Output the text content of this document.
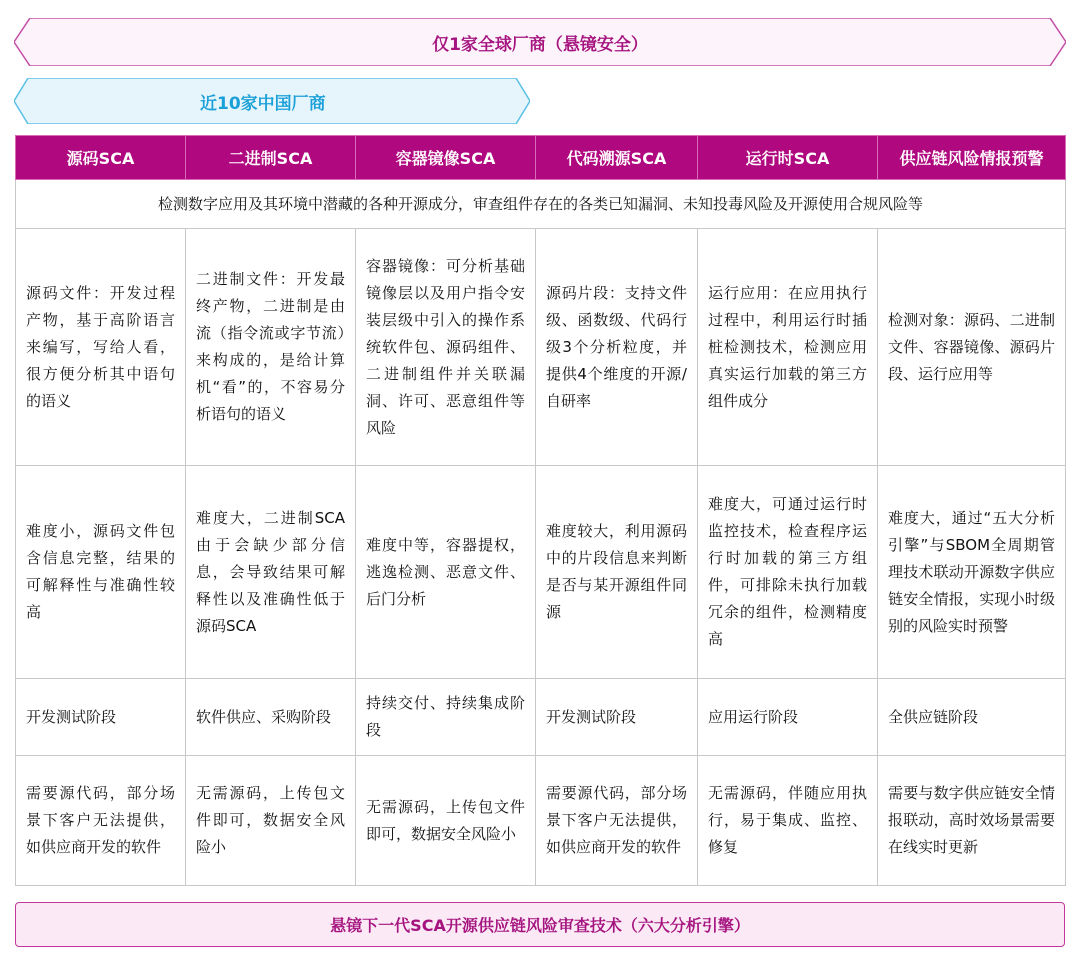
仅1家全球厂商（悬镜安全）
近10家中国厂商
源码SCA	二进制SCA	容器镜像SCA	代码溯源SCA	运行时SCA	供应链风险情报预警
检测数字应用及其环境中潜藏的各种开源成分，审查组件存在的各类已知漏洞、未知投毒风险及开源使用合规风险等					
源码文件：开发过程产物，基于高阶语言来编写，写给人看，很方便分析其中语句的语义	二进制文件：开发最终产物，二进制是由流（指令流或字节流）来构成的，是给计算机“看”的，不容易分析语句的语义	容器镜像：可分析基础镜像层以及用户指令安装层级中引入的操作系统软件包、源码组件、二进制组件并关联漏洞、许可、恶意组件等风险	源码片段：支持文件级、函数级、代码行级3个分析粒度，并提供4个维度的开源/自研率	运行应用：在应用执行过程中，利用运行时插桩检测技术，检测应用真实运行加载的第三方组件成分	检测对象：源码、二进制文件、容器镜像、源码片段、运行应用等
难度小，源码文件包含信息完整，结果的可解释性与准确性较高	难度大，二进制SCA由于会缺少部分信息，会导致结果可解释性以及准确性低于源码SCA	难度中等，容器提权，逃逸检测、恶意文件、后门分析	难度较大，利用源码中的片段信息来判断是否与某开源组件同源	难度大，可通过运行时监控技术，检查程序运行时加载的第三方组件，可排除未执行加载冗余的组件，检测精度高	难度大，通过“五大分析引擎”与SBOM全周期管理技术联动开源数字供应链安全情报，实现小时级别的风险实时预警
开发测试阶段	软件供应、采购阶段	持续交付、持续集成阶段	开发测试阶段	应用运行阶段	全供应链阶段
需要源代码，部分场景下客户无法提供，如供应商开发的软件	无需源码，上传包文件即可，数据安全风险小	无需源码，上传包文件即可，数据安全风险小	需要源代码，部分场景下客户无法提供，如供应商开发的软件	无需源码，伴随应用执行，易于集成、监控、修复	需要与数字供应链安全情报联动，高时效场景需要在线实时更新
悬镜下一代SCA开源供应链风险审查技术（六大分析引擎）
